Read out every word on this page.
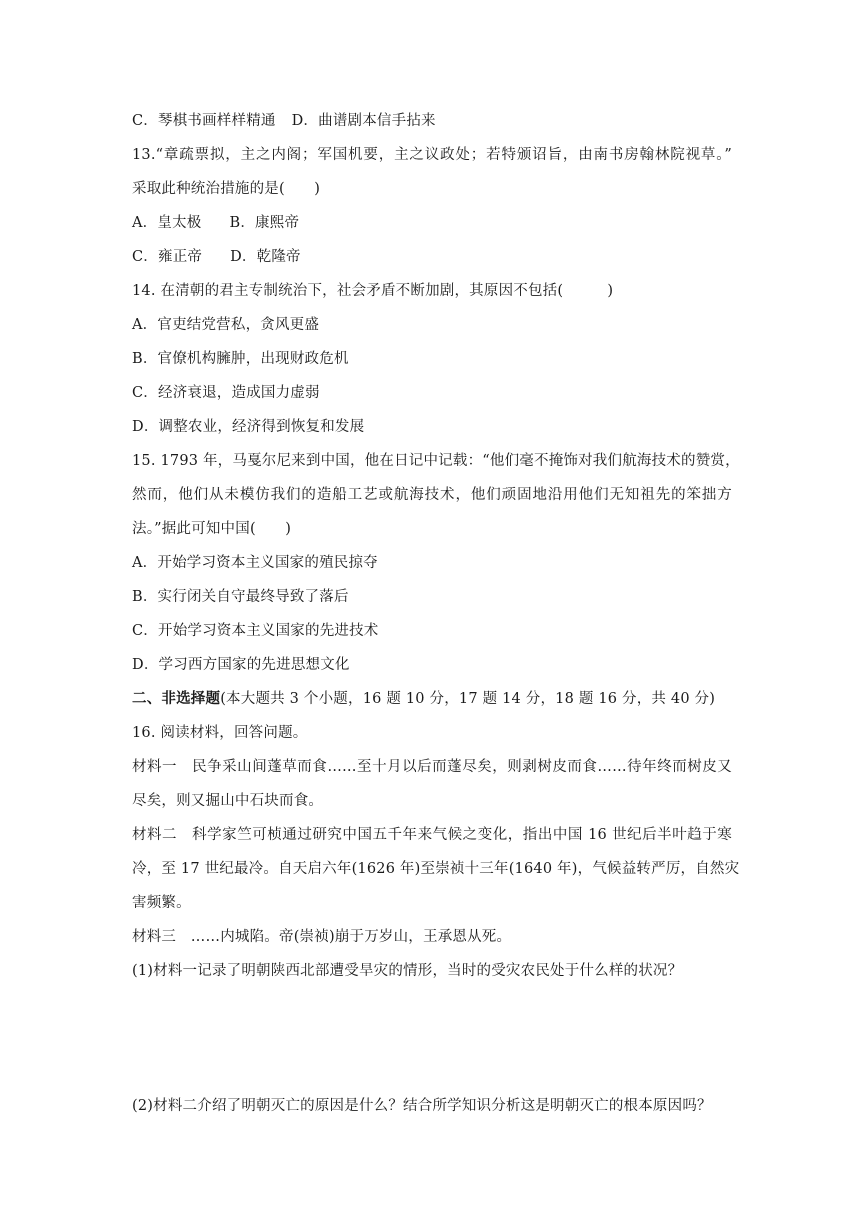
C．琴棋书画样样精通 D．曲谱剧本信手拈来
13.“章疏票拟，主之内阁；军国机要，主之议政处；若特颁诏旨，由南书房翰林院视草。”
采取此种统治措施的是(　　)
A．皇太极 B．康熙帝
C．雍正帝 D．乾隆帝
14. 在清朝的君主专制统治下，社会矛盾不断加剧，其原因不包括(　　　)
A．官吏结党营私，贪风更盛
B．官僚机构臃肿，出现财政危机
C．经济衰退，造成国力虚弱
D．调整农业，经济得到恢复和发展
15. 1793 年，马戛尔尼来到中国，他在日记中记载：“他们毫不掩饰对我们航海技术的赞赏，
然而，他们从未模仿我们的造船工艺或航海技术，他们顽固地沿用他们无知祖先的笨拙方
法。”据此可知中国(　　)
A．开始学习资本主义国家的殖民掠夺
B．实行闭关自守最终导致了落后
C．开始学习资本主义国家的先进技术
D．学习西方国家的先进思想文化
二、非选择题(本大题共 3 个小题，16 题 10 分，17 题 14 分，18 题 16 分，共 40 分)
16. 阅读材料，回答问题。
材料一　民争采山间蓬草而食……至十月以后而蓬尽矣，则剥树皮而食……待年终而树皮又
尽矣，则又掘山中石块而食。
材料二　科学家竺可桢通过研究中国五千年来气候之变化，指出中国 16 世纪后半叶趋于寒
冷，至 17 世纪最冷。自天启六年(1626 年)至崇祯十三年(1640 年)，气候益转严厉，自然灾
害频繁。
材料三　……内城陷。帝(崇祯)崩于万岁山，王承恩从死。
(1)材料一记录了明朝陕西北部遭受旱灾的情形，当时的受灾农民处于什么样的状况？
(2)材料二介绍了明朝灭亡的原因是什么？结合所学知识分析这是明朝灭亡的根本原因吗？
